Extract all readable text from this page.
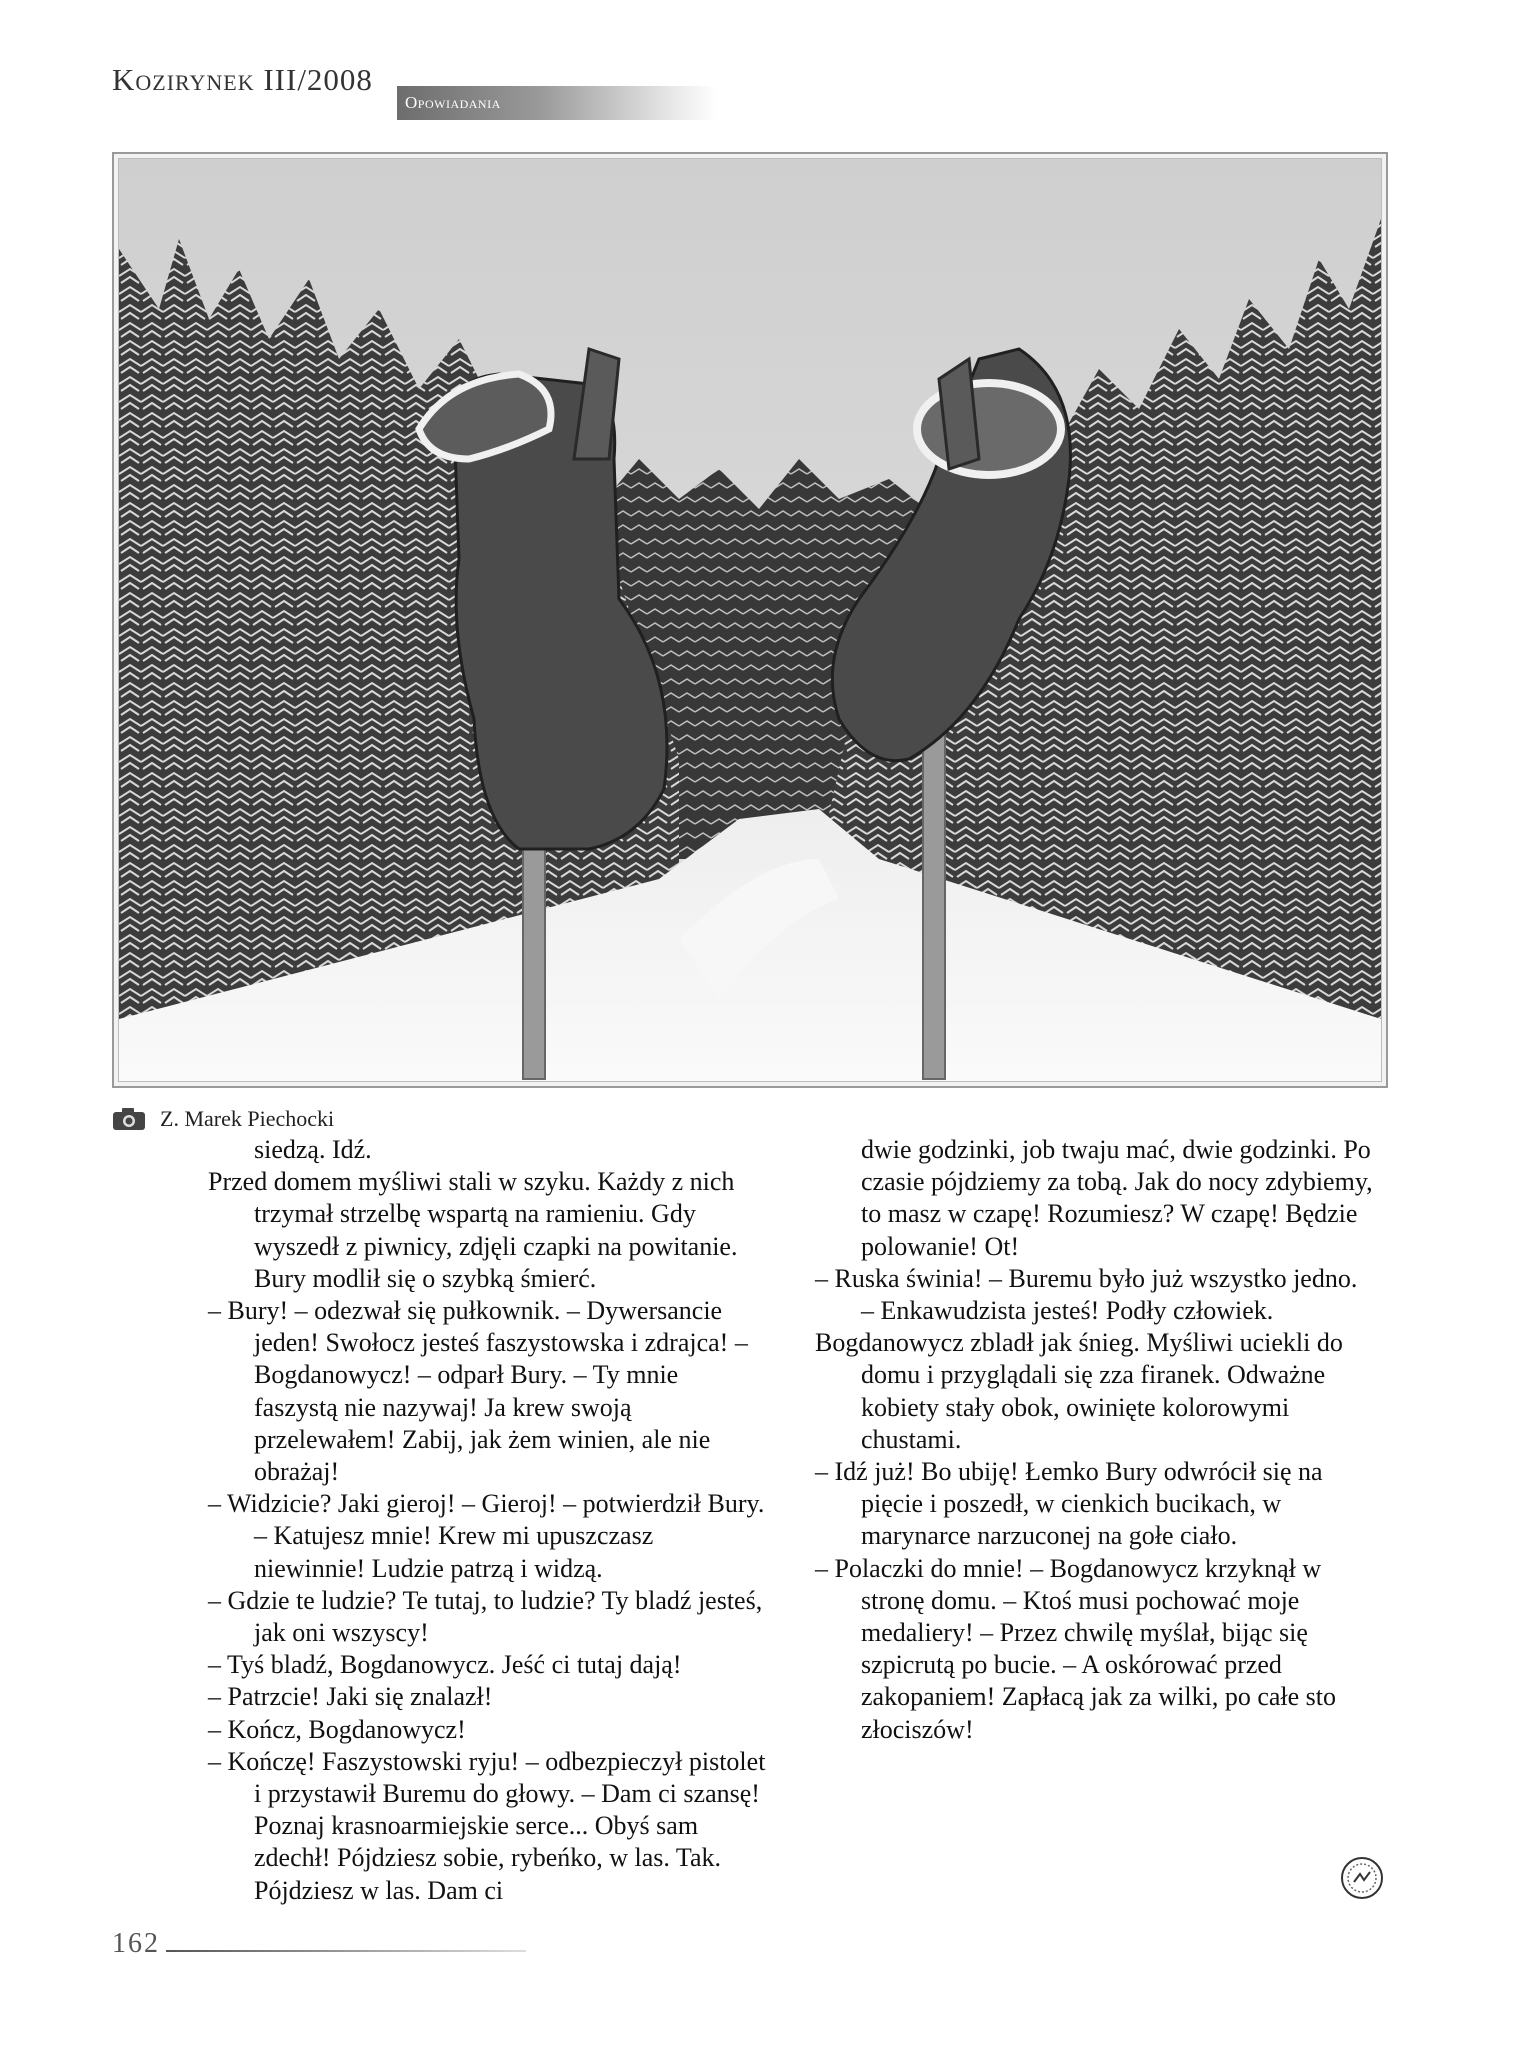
Kozirynek III/2008
Opowiadania
Z. Marek Piechocki

siedzą. Idź.

Przed domem myśliwi stali w szyku. Każdy z nich trzymał strzelbę wspartą na ramieniu. Gdy wyszedł z piwnicy, zdjęli czapki na powitanie. Bury modlił się o szybką śmierć.

– Bury! – odezwał się pułkownik. – Dywersancie jeden! Swołocz jesteś faszystowska i zdrajca! – Bogdanowycz! – odparł Bury. – Ty mnie faszystą nie nazywaj! Ja krew swoją przelewałem! Zabij, jak żem winien, ale nie obrażaj!

– Widzicie? Jaki gieroj! – Gieroj! – potwierdził Bury. – Katujesz mnie! Krew mi upuszczasz niewinnie! Ludzie patrzą i widzą.

– Gdzie te ludzie? Te tutaj, to ludzie? Ty bladź jesteś, jak oni wszyscy!

– Tyś bladź, Bogdanowycz. Jeść ci tutaj dają!

– Patrzcie! Jaki się znalazł!

– Kończ, Bogdanowycz!

– Kończę! Faszystowski ryju! – odbezpieczył pistolet i przystawił Buremu do głowy. – Dam ci szansę! Poznaj krasnoarmiejskie serce... Obyś sam zdechł! Pójdziesz sobie, rybeńko, w las. Tak. Pójdziesz w las. Dam ci

dwie godzinki, job twaju mać, dwie godzinki. Po czasie pójdziemy za tobą. Jak do nocy zdybiemy, to masz w czapę! Rozumiesz? W czapę! Będzie polowanie! Ot!

– Ruska świnia! – Buremu było już wszystko jedno. – Enkawudzista jesteś! Podły człowiek.

Bogdanowycz zbladł jak śnieg. Myśliwi uciekli do domu i przyglądali się zza firanek. Odważne kobiety stały obok, owinięte kolorowymi chustami.

– Idź już! Bo ubiję! Łemko Bury odwrócił się na pięcie i poszedł, w cienkich bucikach, w marynarce narzuconej na gołe ciało.

– Polaczki do mnie! – Bogdanowycz krzyknął w stronę domu. – Ktoś musi pochować moje medaliery! – Przez chwilę myślał, bijąc się szpicrutą po bucie. – A oskórować przed zakopaniem! Zapłacą jak za wilki, po całe sto złociszów!

162
